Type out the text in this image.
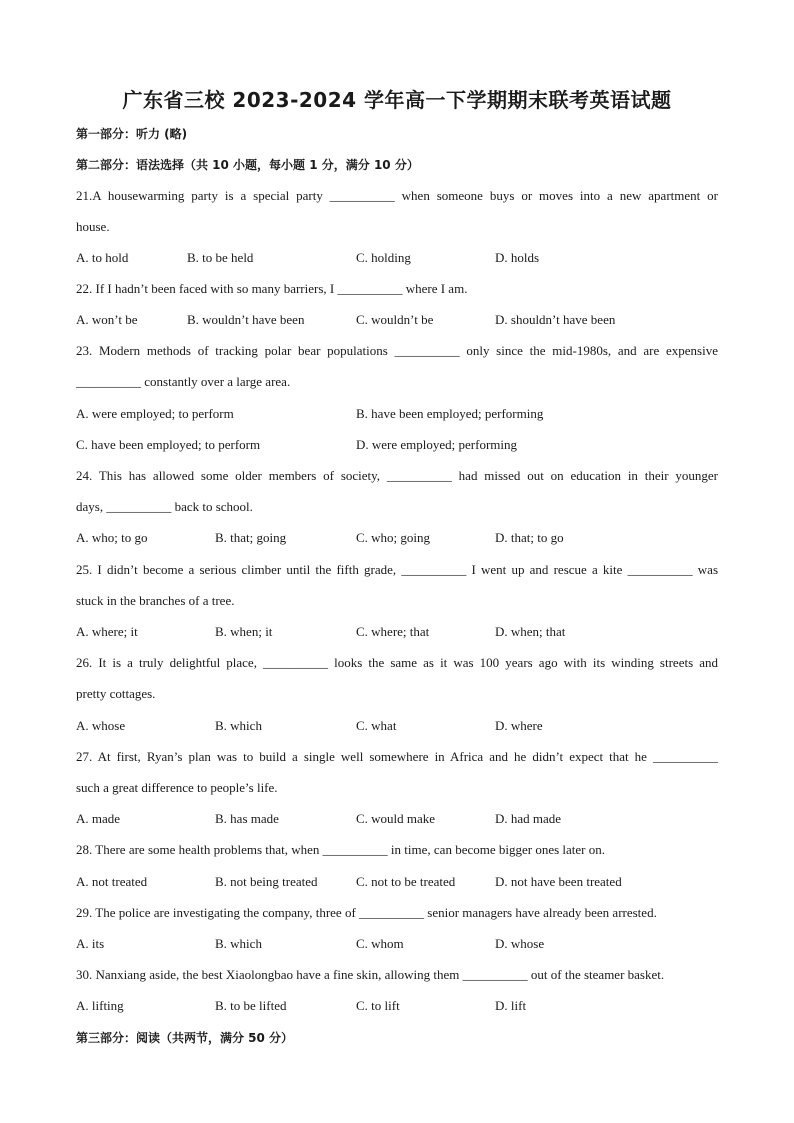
广东省三校 2023-2024 学年高一下学期期末联考英语试题
第一部分：听力 (略)
第二部分：语法选择（共 10 小题，每小题 1 分，满分 10 分）
21.A housewarming party is a special party __________ when someone buys or moves into a new apartment or
house.
A. to hold	B. to be held	C. holding	D. holds
22. If I hadn’t been faced with so many barriers, I __________ where I am.
A. won’t be	B. wouldn’t have been	C. wouldn’t be	D. shouldn’t have been
23. Modern methods of tracking polar bear populations __________ only since the mid-1980s, and are expensive
__________ constantly over a large area.
A. were employed; to perform	B. have been employed; performing
C. have been employed; to perform	D. were employed; performing
24. This has allowed some older members of society, __________ had missed out on education in their younger
days, __________ back to school.
A. who; to go	B. that; going	C. who; going	D. that; to go
25. I didn’t become a serious climber until the fifth grade, __________ I went up and rescue a kite __________ was
stuck in the branches of a tree.
A. where; it	B. when; it	C. where; that	D. when; that
26. It is a truly delightful place, __________ looks the same as it was 100 years ago with its winding streets and
pretty cottages.
A. whose	B. which	C. what	D. where
27. At first, Ryan’s plan was to build a single well somewhere in Africa and he didn’t expect that he __________
such a great difference to people’s life.
A. made	B. has made	C. would make	D. had made
28. There are some health problems that, when __________ in time, can become bigger ones later on.
A. not treated	B. not being treated	C. not to be treated	D. not have been treated
29. The police are investigating the company, three of __________ senior managers have already been arrested.
A. its	B. which	C. whom	D. whose
30. Nanxiang aside, the best Xiaolongbao have a fine skin, allowing them __________ out of the steamer basket.
A. lifting	B. to be lifted	C. to lift	D. lift
第三部分：阅读（共两节，满分 50 分）
